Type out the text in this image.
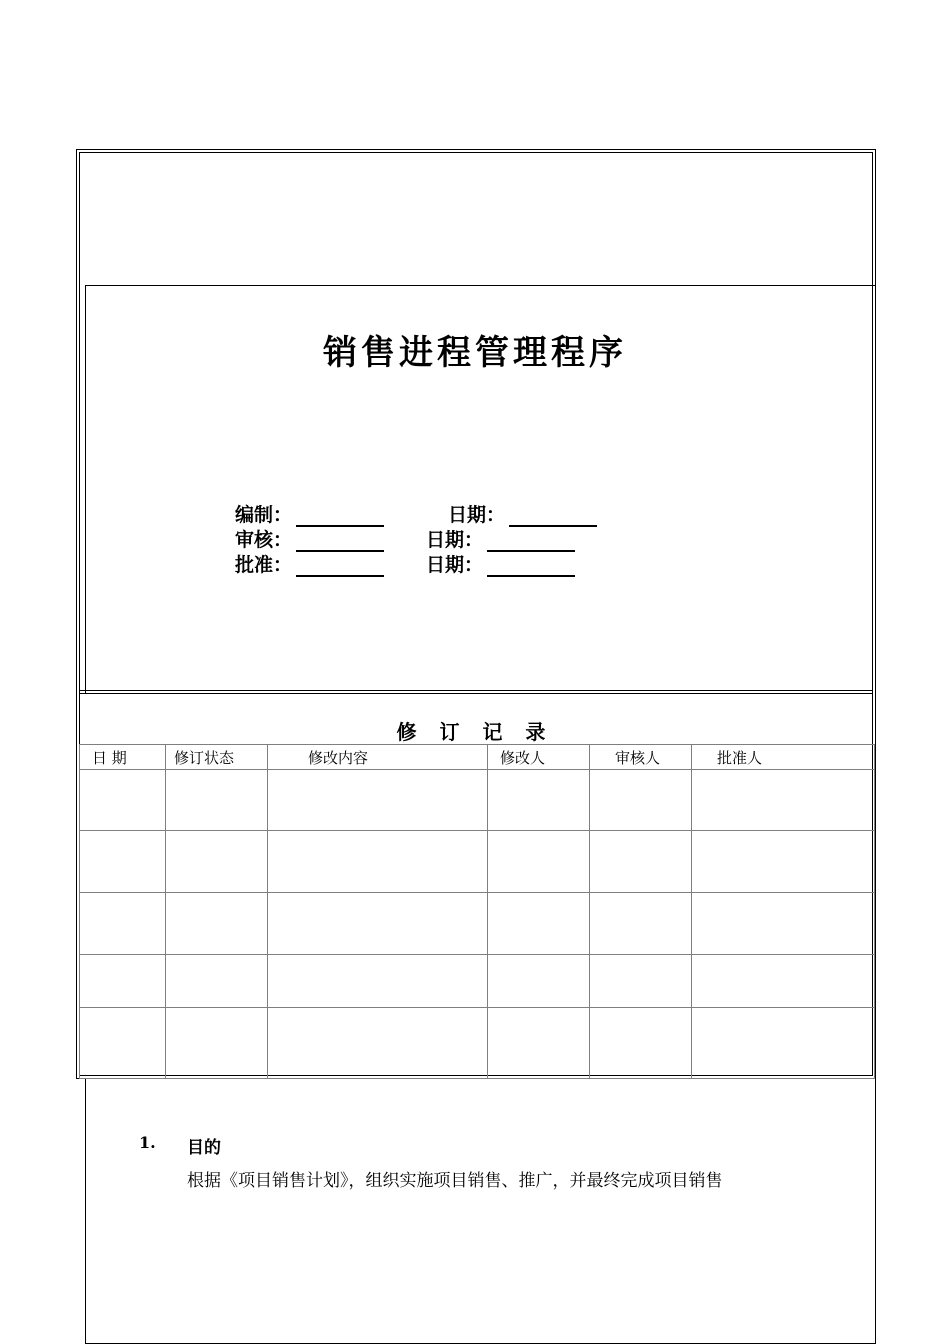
销售进程管理程序
编制：	日期：
审核：	日期：
批准：	日期：
修 订 记 录
日 期	修订状态	修改内容	修改人	审核人	批准人

1. 目的
根据《项目销售计划》，组织实施项目销售、推广，并最终完成项目销售
